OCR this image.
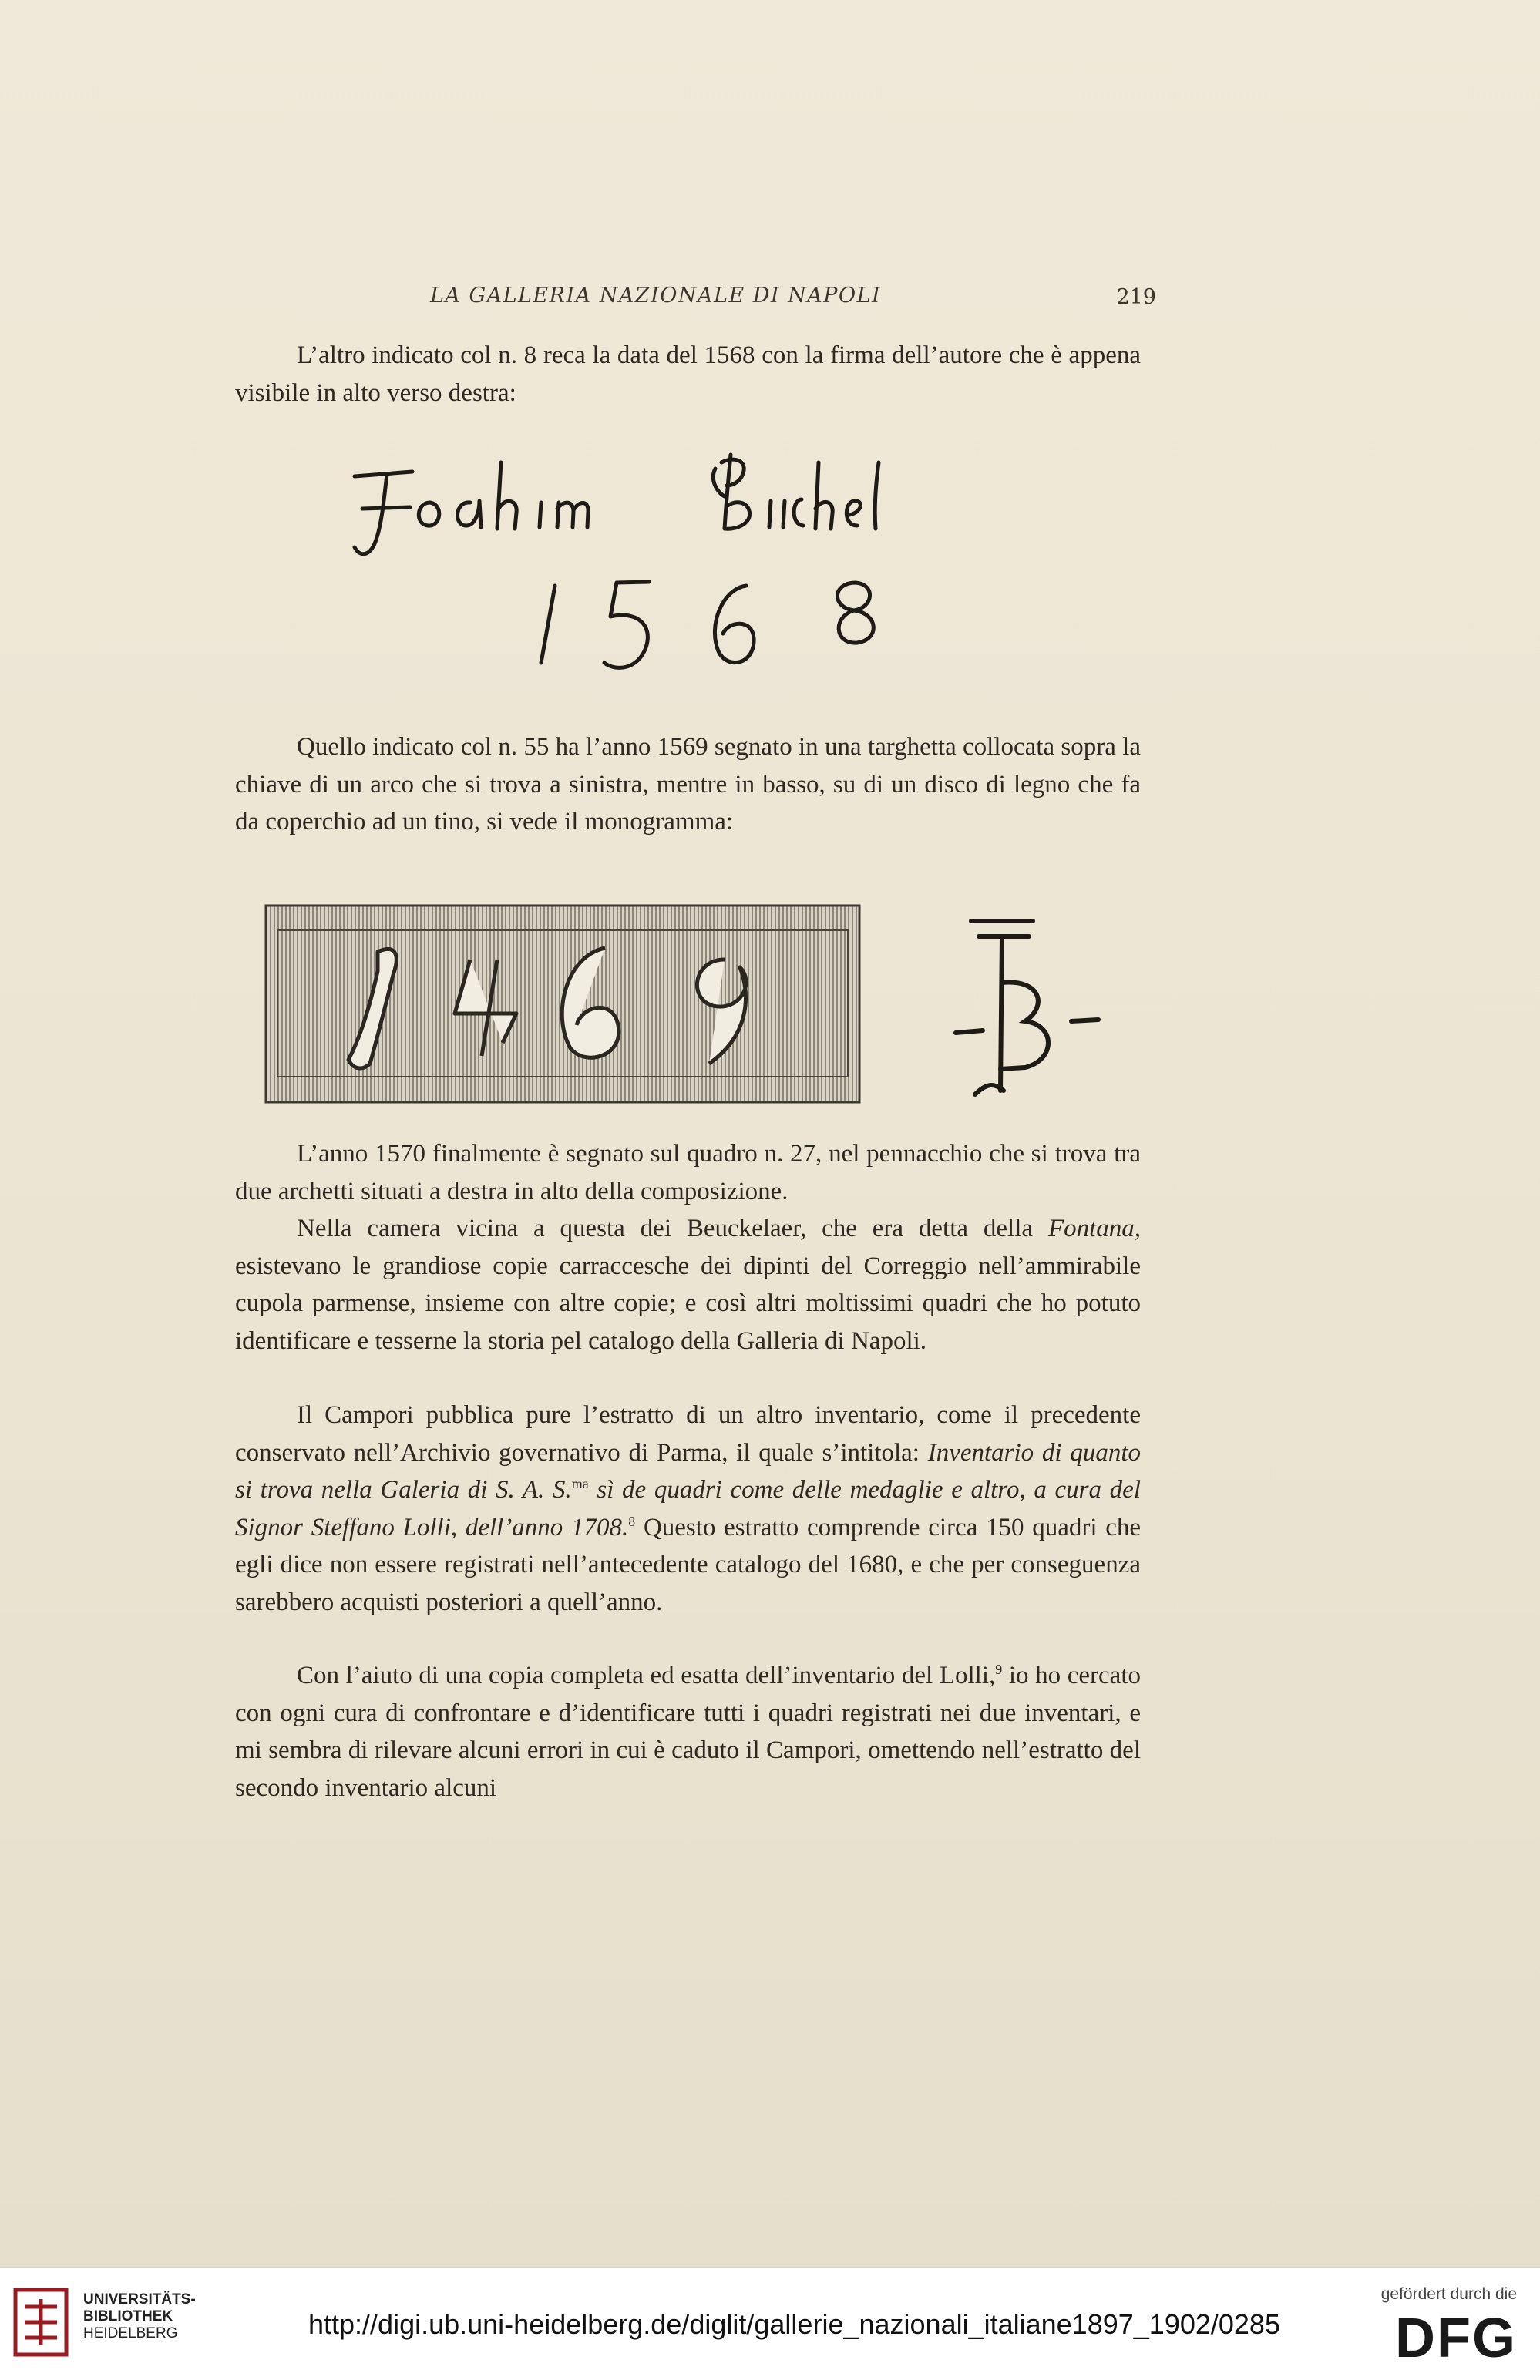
LA GALLERIA NAZIONALE DI NAPOLI	219

L’altro indicato col n. 8 reca la data del 1568 con la firma dell’autore che è appena visibile in alto verso destra:

Quello indicato col n. 55 ha l’anno 1569 segnato in una targhetta collocata sopra la chiave di un arco che si trova a sinistra, mentre in basso, su di un disco di legno che fa da coperchio ad un tino, si vede il monogramma:

L’anno 1570 finalmente è segnato sul quadro n. 27, nel pennacchio che si trova tra due archetti situati a destra in alto della composizione.

Nella camera vicina a questa dei Beuckelaer, che era detta della Fontana, esistevano le grandiose copie carraccesche dei dipinti del Correggio nell’ammirabile cupola parmense, insieme con altre copie; e così altri moltissimi quadri che ho potuto identificare e tesserne la storia pel catalogo della Galleria di Napoli.

Il Campori pubblica pure l’estratto di un altro inventario, come il precedente conservato nell’Archivio governativo di Parma, il quale s’intitola: Inventario di quanto si trova nella Galeria di S. A. S.$^{ma}$ sì de quadri come delle medaglie e altro, a cura del Signor Steffano Lolli, dell’anno 1708.$^8$ Questo estratto comprende circa 150 quadri che egli dice non essere registrati nell’antecedente catalogo del 1680, e che per conseguenza sarebbero acquisti posteriori a quell’anno.

Con l’aiuto di una copia completa ed esatta dell’inventario del Lolli,$^9$ io ho cercato con ogni cura di confrontare e d’identificare tutti i quadri registrati nei due inventari, e mi sembra di rilevare alcuni errori in cui è caduto il Campori, omettendo nell’estratto del secondo inventario alcuni

UNIVERSITÄTS-
BIBLIOTHEK
HEIDELBERG	http://digi.ub.uni-heidelberg.de/diglit/gallerie_nazionali_italiane1897_1902/0285
gefördert durch die
DFG
